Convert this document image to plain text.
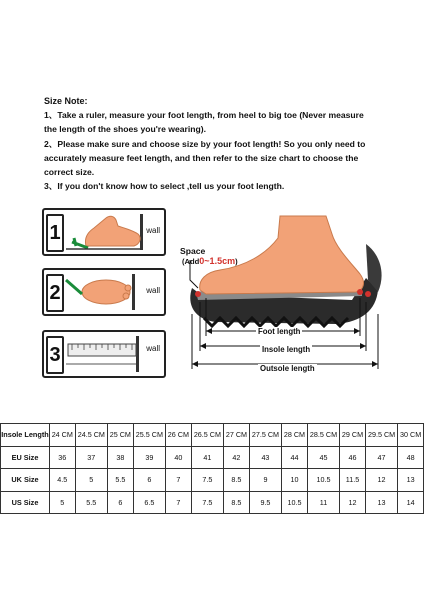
Size Note:

1、Take a ruler, measure your foot length, from heel to big toe (Never measure the length of the shoes you're wearing).

2、Please make sure and choose size by your foot length! So you only need to accurately measure feet length, and then refer to the size chart to choose the correct size.

3、If you don't know how to select ,tell us your foot length.

1	wall
2	wall
3	wall
Space
(Add0~1.5cm)
Foot length
Insole length
Outsole length
Insole Length	24 CM	24.5 CM	25 CM	25.5 CM	26 CM	26.5 CM	27 CM	27.5 CM	28 CM	28.5 CM	29 CM	29.5 CM	30 CM
EU Size	36	37	38	39	40	41	42	43	44	45	46	47	48
UK Size	4.5	5	5.5	6	7	7.5	8.5	9	10	10.5	11.5	12	13
US Size	5	5.5	6	6.5	7	7.5	8.5	9.5	10.5	11	12	13	14
